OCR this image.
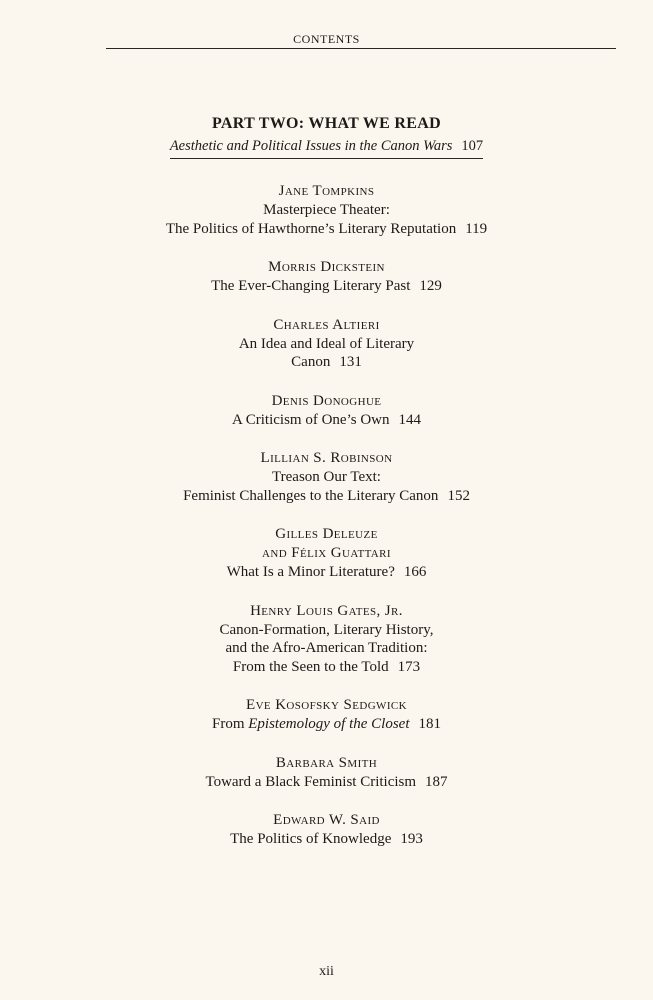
CONTENTS
PART TWO: WHAT WE READ
Aesthetic and Political Issues in the Canon Wars 107
Jane Tompkins
Masterpiece Theater:
The Politics of Hawthorne’s Literary Reputation 119
Morris Dickstein
The Ever-Changing Literary Past 129
Charles Altieri
An Idea and Ideal of Literary
Canon 131
Denis Donoghue
A Criticism of One’s Own 144
Lillian S. Robinson
Treason Our Text:
Feminist Challenges to the Literary Canon 152
Gilles Deleuze
and Félix Guattari
What Is a Minor Literature? 166
Henry Louis Gates, Jr.
Canon-Formation, Literary History,
and the Afro-American Tradition:
From the Seen to the Told 173
Eve Kosofsky Sedgwick
From Epistemology of the Closet 181
Barbara Smith
Toward a Black Feminist Criticism 187
Edward W. Said
The Politics of Knowledge 193
xii
